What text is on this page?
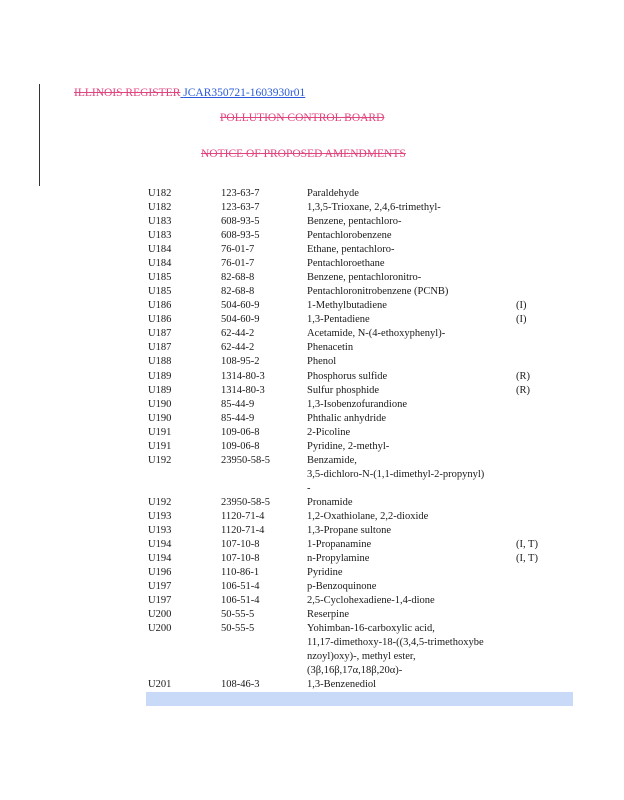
ILLINOIS REGISTER JCAR350721-1603930r01
POLLUTION CONTROL BOARD
NOTICE OF PROPOSED AMENDMENTS
U182	123-63-7	Paraldehyde
U182	123-63-7	1,3,5-Trioxane, 2,4,6-trimethyl-
U183	608-93-5	Benzene, pentachloro-
U183	608-93-5	Pentachlorobenzene
U184	76-01-7	Ethane, pentachloro-
U184	76-01-7	Pentachloroethane
U185	82-68-8	Benzene, pentachloronitro-
U185	82-68-8	Pentachloronitrobenzene (PCNB)
U186	504-60-9	1-Methylbutadiene	(I)
U186	504-60-9	1,3-Pentadiene	(I)
U187	62-44-2	Acetamide, N-(4-ethoxyphenyl)-
U187	62-44-2	Phenacetin
U188	108-95-2	Phenol
U189	1314-80-3	Phosphorus sulfide	(R)
U189	1314-80-3	Sulfur phosphide	(R)
U190	85-44-9	1,3-Isobenzofurandione
U190	85-44-9	Phthalic anhydride
U191	109-06-8	2-Picoline
U191	109-06-8	Pyridine, 2-methyl-
U192	23950-58-5	Benzamide,
3,5-dichloro-N-(1,1-dimethyl-2-propynyl)
-
U192	23950-58-5	Pronamide
U193	1120-71-4	1,2-Oxathiolane, 2,2-dioxide
U193	1120-71-4	1,3-Propane sultone
U194	107-10-8	1-Propanamine	(I, T)
U194	107-10-8	n-Propylamine	(I, T)
U196	110-86-1	Pyridine
U197	106-51-4	p-Benzoquinone
U197	106-51-4	2,5-Cyclohexadiene-1,4-dione
U200	50-55-5	Reserpine
U200	50-55-5	Yohimban-16-carboxylic acid,
11,17-dimethoxy-18-((3,4,5-trimethoxybe
nzoyl)oxy)-, methyl ester,
(3β,16β,17α,18β,20α)-
U201	108-46-3	1,3-Benzenediol
